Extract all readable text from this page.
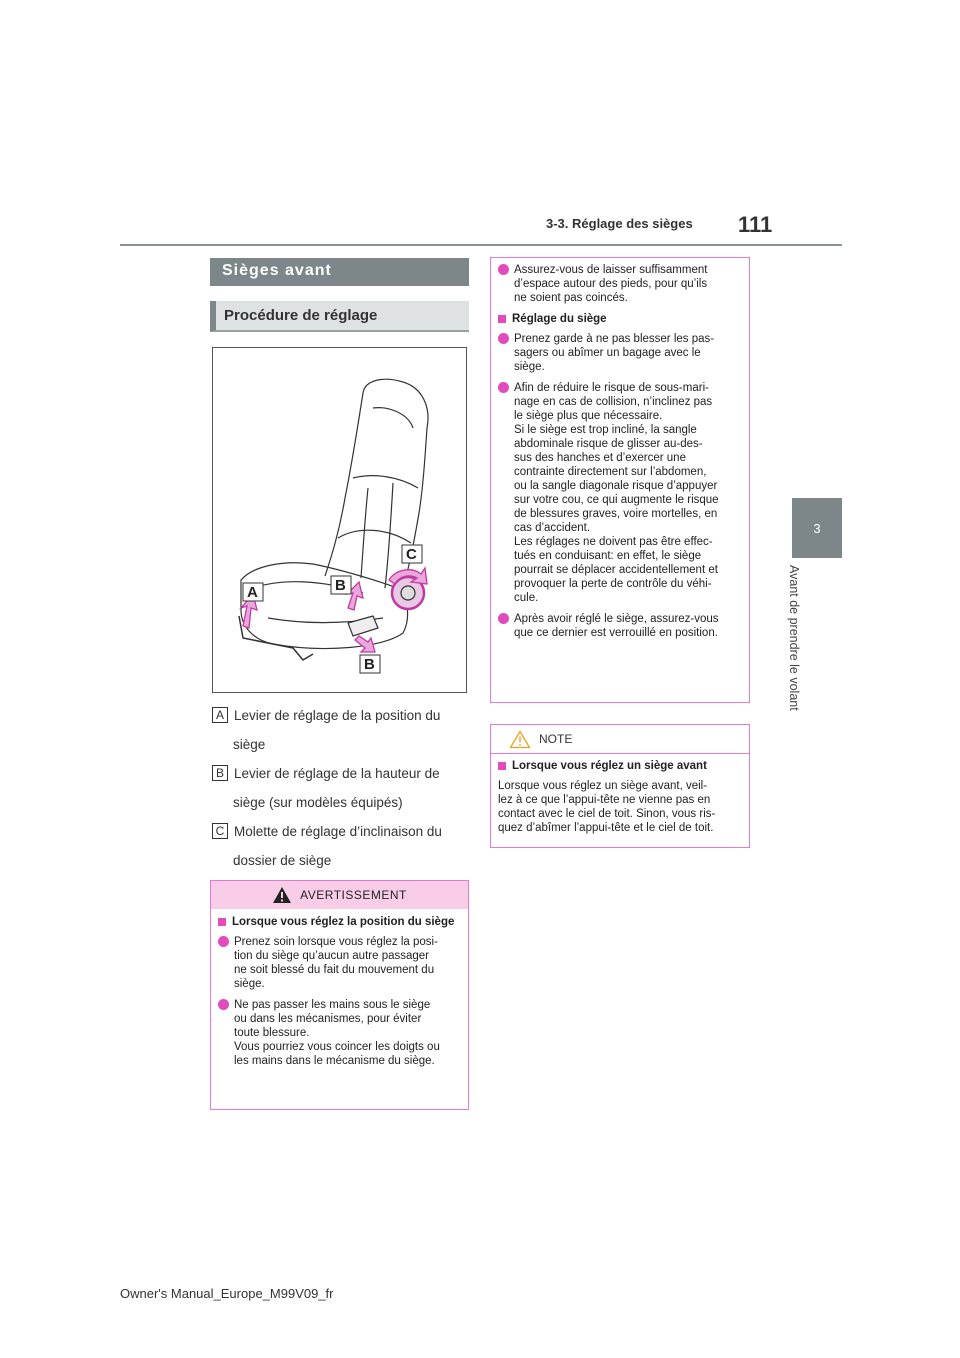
3-3. Réglage des sièges 111
3
Avant de prendre le volant
Sièges avant
Procédure de réglage
A	B
C
B
A Levier de réglage de la position du
siège
B Levier de réglage de la hauteur de
siège (sur modèles équipés)
C Molette de réglage d’inclinaison du
dossier de siège
AVERTISSEMENT
Lorsque vous réglez la position du siège
Prenez soin lorsque vous réglez la posi-
tion du siège qu’aucun autre passager
ne soit blessé du fait du mouvement du
siège.
Ne pas passer les mains sous le siège
ou dans les mécanismes, pour éviter
toute blessure.
Vous pourriez vous coincer les doigts ou
les mains dans le mécanisme du siège.
Assurez-vous de laisser suffisamment
d’espace autour des pieds, pour qu’ils
ne soient pas coincés.
Réglage du siège
Prenez garde à ne pas blesser les pas-
sagers ou abîmer un bagage avec le
siège.
Afin de réduire le risque de sous-mari-
nage en cas de collision, n’inclinez pas
le siège plus que nécessaire.
Si le siège est trop incliné, la sangle
abdominale risque de glisser au-des-
sus des hanches et d’exercer une
contrainte directement sur l’abdomen,
ou la sangle diagonale risque d’appuyer
sur votre cou, ce qui augmente le risque
de blessures graves, voire mortelles, en
cas d’accident.
Les réglages ne doivent pas être effec-
tués en conduisant: en effet, le siège
pourrait se déplacer accidentellement et
provoquer la perte de contrôle du véhi-
cule.
Après avoir réglé le siège, assurez-vous
que ce dernier est verrouillé en position.
NOTE
Lorsque vous réglez un siège avant
Lorsque vous réglez un siège avant, veil-
lez à ce que l’appui-tête ne vienne pas en
contact avec le ciel de toit. Sinon, vous ris-
quez d’abîmer l’appui-tête et le ciel de toit.
Owner's Manual_Europe_M99V09_fr
